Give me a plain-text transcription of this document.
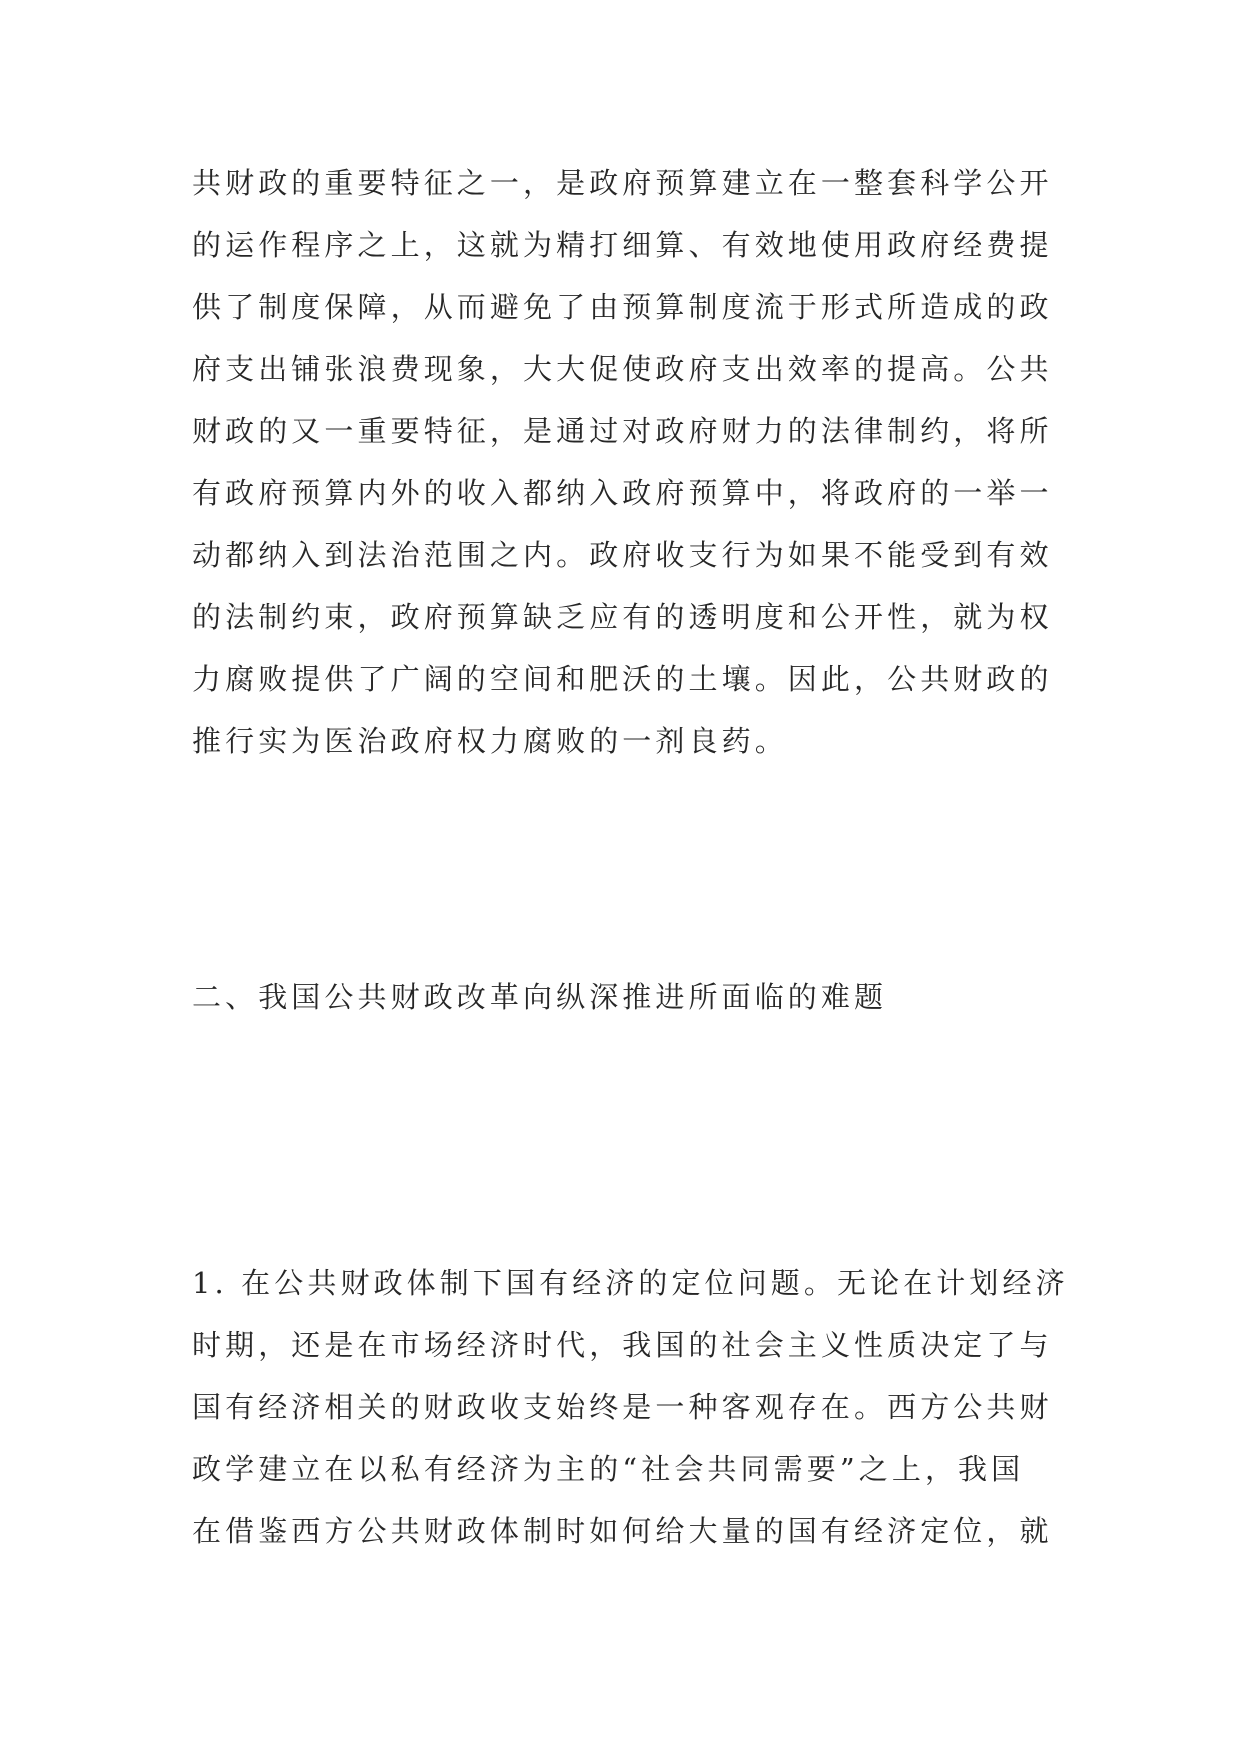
共财政的重要特征之一，是政府预算建立在一整套科学公开
的运作程序之上，这就为精打细算、有效地使用政府经费提
供了制度保障，从而避免了由预算制度流于形式所造成的政
府支出铺张浪费现象，大大促使政府支出效率的提高。公共
财政的又一重要特征，是通过对政府财力的法律制约，将所
有政府预算内外的收入都纳入政府预算中，将政府的一举一
动都纳入到法治范围之内。政府收支行为如果不能受到有效
的法制约束，政府预算缺乏应有的透明度和公开性，就为权
力腐败提供了广阔的空间和肥沃的土壤。因此，公共财政的
推行实为医治政府权力腐败的一剂良药。
二、我国公共财政改革向纵深推进所面临的难题
1. 在公共财政体制下国有经济的定位问题。无论在计划经济
时期，还是在市场经济时代，我国的社会主义性质决定了与
国有经济相关的财政收支始终是一种客观存在。西方公共财
政学建立在以私有经济为主的“社会共同需要”之上，我国
在借鉴西方公共财政体制时如何给大量的国有经济定位，就
